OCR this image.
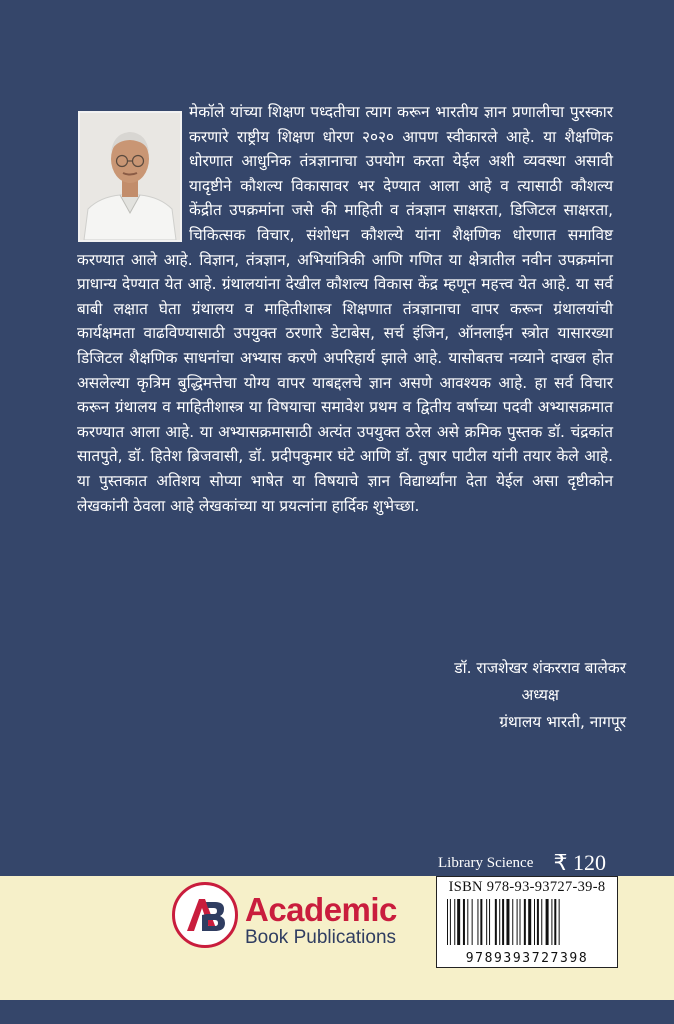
मेकॉले यांच्या शिक्षण पध्दतीचा त्याग करून भारतीय ज्ञान प्रणालीचा पुरस्कार करणारे राष्ट्रीय शिक्षण धोरण २०२० आपण स्वीकारले आहे. या शैक्षणिक धोरणात आधुनिक तंत्रज्ञानाचा उपयोग करता येईल अशी व्यवस्था असावी यादृष्टीने कौशल्य विकासावर भर देण्यात आला आहे व त्यासाठी कौशल्य केंद्रीत उपक्रमांना जसे की माहिती व तंत्रज्ञान साक्षरता, डिजिटल साक्षरता, चिकित्सक विचार, संशोधन कौशल्ये यांना शैक्षणिक धोरणात समाविष्ट करण्यात आले आहे. विज्ञान, तंत्रज्ञान, अभियांत्रिकी आणि गणित या क्षेत्रातील नवीन उपक्रमांना प्राधान्य देण्यात येत आहे. ग्रंथालयांना देखील कौशल्य विकास केंद्र म्हणून महत्त्व येत आहे. या सर्व बाबी लक्षात घेता ग्रंथालय व माहितीशास्त्र शिक्षणात तंत्रज्ञानाचा वापर करून ग्रंथालयांची कार्यक्षमता वाढविण्यासाठी उपयुक्त ठरणारे डेटाबेस, सर्च इंजिन, ऑनलाईन स्त्रोत यासारख्या डिजिटल शैक्षणिक साधनांचा अभ्यास करणे अपरिहार्य झाले आहे. यासोबतच नव्याने दाखल होत असलेल्या कृत्रिम बुद्धिमत्तेचा योग्य वापर याबद्दलचे ज्ञान असणे आवश्यक आहे. हा सर्व विचार करून ग्रंथालय व माहितीशास्त्र या विषयाचा समावेश प्रथम व द्वितीय वर्षाच्या पदवी अभ्यासक्रमात करण्यात आला आहे. या अभ्यासक्रमासाठी अत्यंत उपयुक्त ठरेल असे क्रमिक पुस्तक डॉ. चंद्रकांत सातपुते, डॉ. हितेश ब्रिजवासी, डॉ. प्रदीपकुमार घंटे आणि डॉ. तुषार पाटील यांनी तयार केले आहे. या पुस्तकात अतिशय सोप्या भाषेत या विषयाचे ज्ञान विद्यार्थ्यांना देता येईल असा दृष्टीकोन लेखकांनी ठेवला आहे लेखकांच्या या प्रयत्नांना हार्दिक शुभेच्छा.

डॉ. राजशेखर शंकरराव बालेकर
अध्यक्ष
ग्रंथालय भारती, नागपूर
Library Science ₹ 120
Academic
Book Publications
ISBN 978-93-93727-39-8
9789393727398
